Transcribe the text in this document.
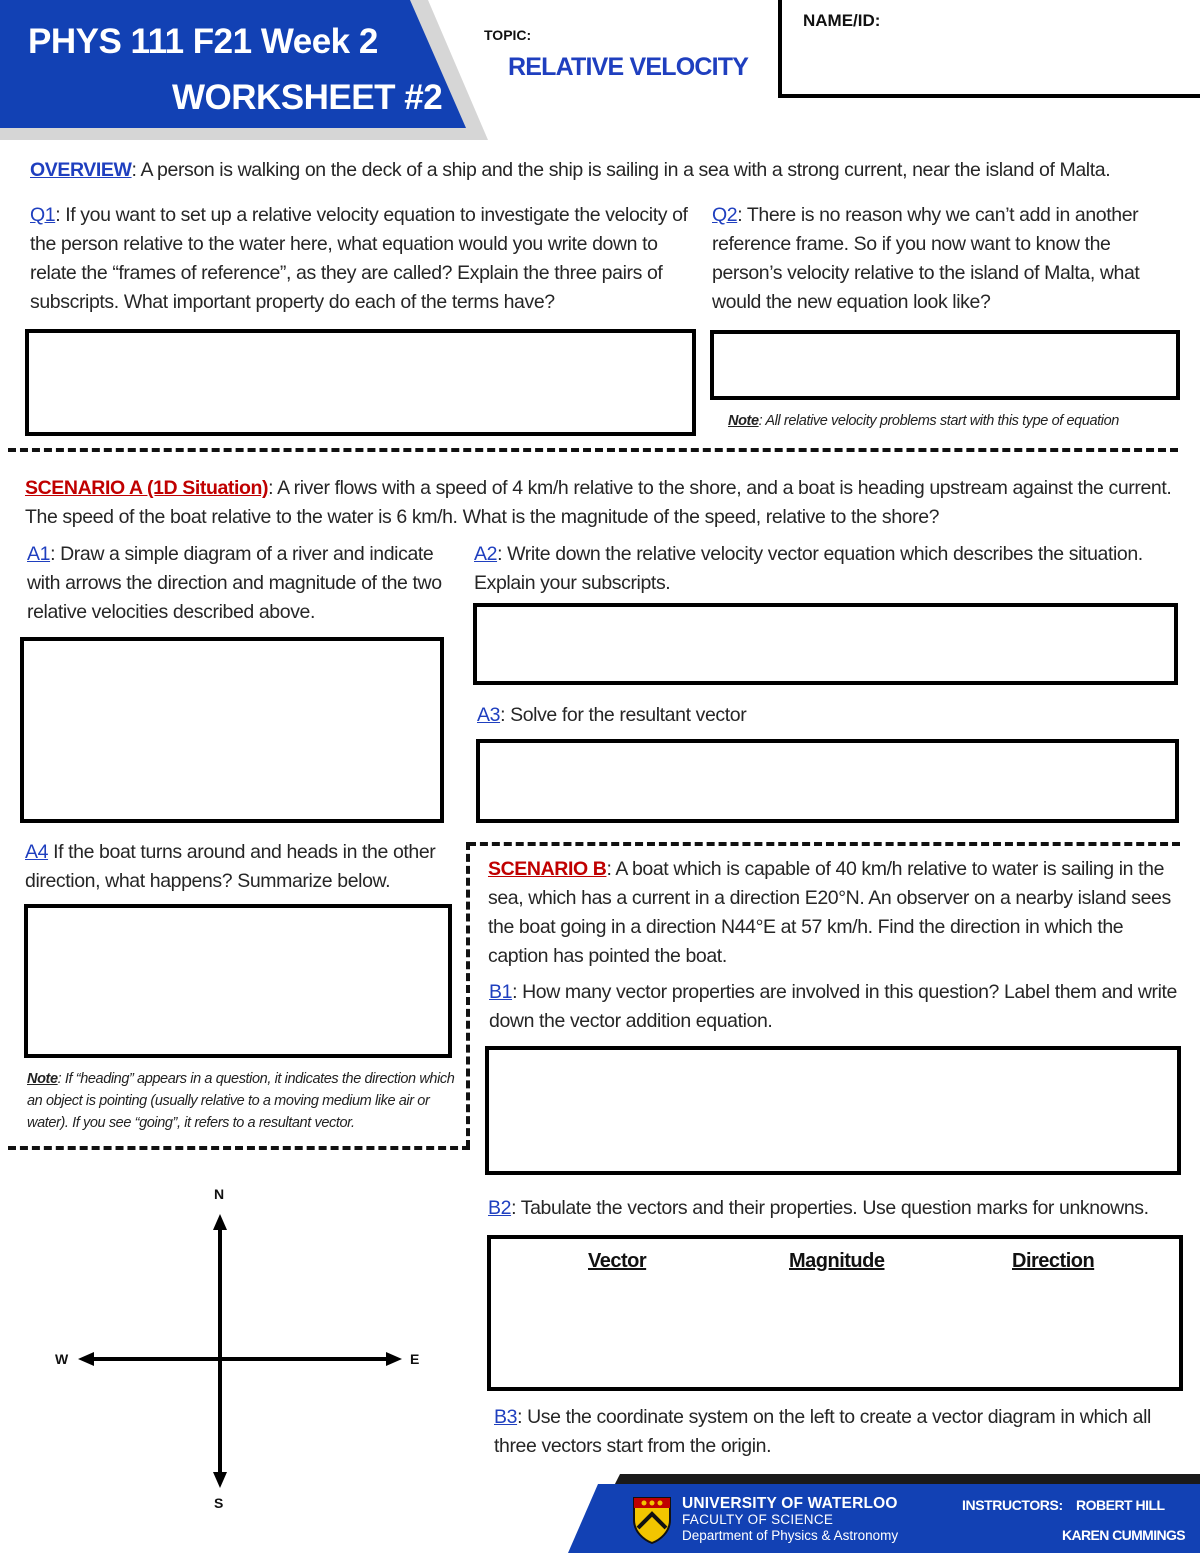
PHYS 111 F21 Week 2
WORKSHEET #2
TOPIC:
RELATIVE VELOCITY
NAME/ID:
OVERVIEW: A person is walking on the deck of a ship and the ship is sailing in a sea with a strong current, near the island of Malta.
Q1: If you want to set up a relative velocity equation to investigate the velocity of the person relative to the water here, what equation would you write down to relate the “frames of reference”, as they are called? Explain the three pairs of subscripts. What important property do each of the terms have?
Q2: There is no reason why we can’t add in another reference frame. So if you now want to know the person’s velocity relative to the island of Malta, what would the new equation look like?
Note: All relative velocity problems start with this type of equation
SCENARIO A (1D Situation): A river flows with a speed of 4 km/h relative to the shore, and a boat is heading upstream against the current. The speed of the boat relative to the water is 6 km/h. What is the magnitude of the speed, relative to the shore?
A1: Draw a simple diagram of a river and indicate with arrows the direction and magnitude of the two relative velocities described above.
A2: Write down the relative velocity vector equation which describes the situation. Explain your subscripts.
A3: Solve for the resultant vector
A4 If the boat turns around and heads in the other direction, what happens? Summarize below.
Note: If “heading” appears in a question, it indicates the direction which an object is pointing (usually relative to a moving medium like air or water). If you see “going”, it refers to a resultant vector.
SCENARIO B: A boat which is capable of 40 km/h relative to water is sailing in the sea, which has a current in a direction E20°N. An observer on a nearby island sees the boat going in a direction N44°E at 57 km/h. Find the direction in which the caption has pointed the boat.
B1: How many vector properties are involved in this question? Label them and write down the vector addition equation.
B2: Tabulate the vectors and their properties. Use question marks for unknowns.
Vector	Magnitude	Direction
B3: Use the coordinate system on the left to create a vector diagram in which all three vectors start from the origin.
N
S
E
W
UNIVERSITY OF WATERLOO
FACULTY OF SCIENCE
Department of Physics & Astronomy
INSTRUCTORS: ROBERT HILL
KAREN CUMMINGS
